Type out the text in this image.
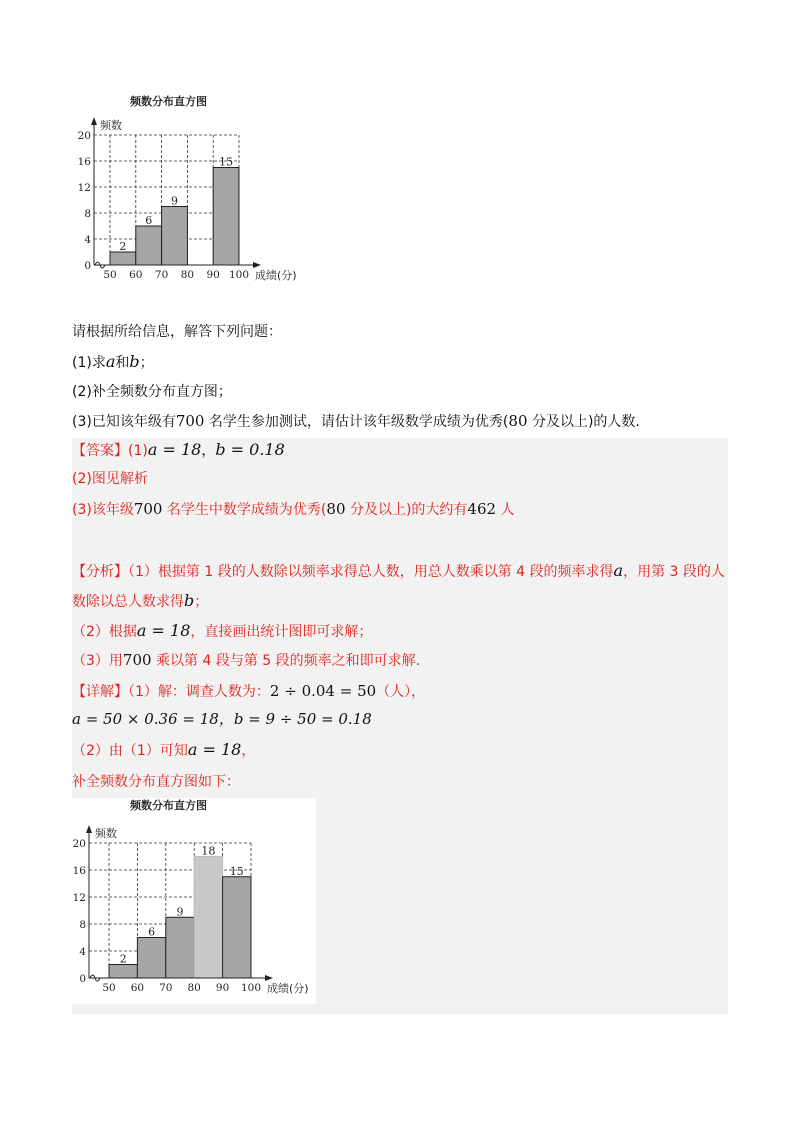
频数分布直方图
2
6
9
15
0
4
8
12
16
20
50 60 70 80 90 100
频数
成绩(分)
请根据所给信息，解答下列问题：
(1)求a和b；
(2)补全频数分布直方图；
(3)已知该年级有700 名学生参加测试，请估计该年级数学成绩为优秀(80 分及以上)的人数.
【答案】(1)a = 18，b = 0.18
(2)图见解析
(3)该年级700 名学生中数学成绩为优秀(80 分及以上)的大约有462 人
【分析】（1）根据第 1 段的人数除以频率求得总人数，用总人数乘以第 4 段的频率求得a，用第 3 段的人
数除以总人数求得b；
（2）根据a = 18，直接画出统计图即可求解；
（3）用700 乘以第 4 段与第 5 段的频率之和即可求解.
【详解】（1）解：调查人数为：2 ÷ 0.04 = 50（人），
a = 50 × 0.36 = 18，b = 9 ÷ 50 = 0.18
（2）由（1）可知a = 18，
补全频数分布直方图如下：
频数分布直方图
2
6
9
18
15
0
4
8
12
16
20
50 60 70 80 90 100
频数
成绩(分)
